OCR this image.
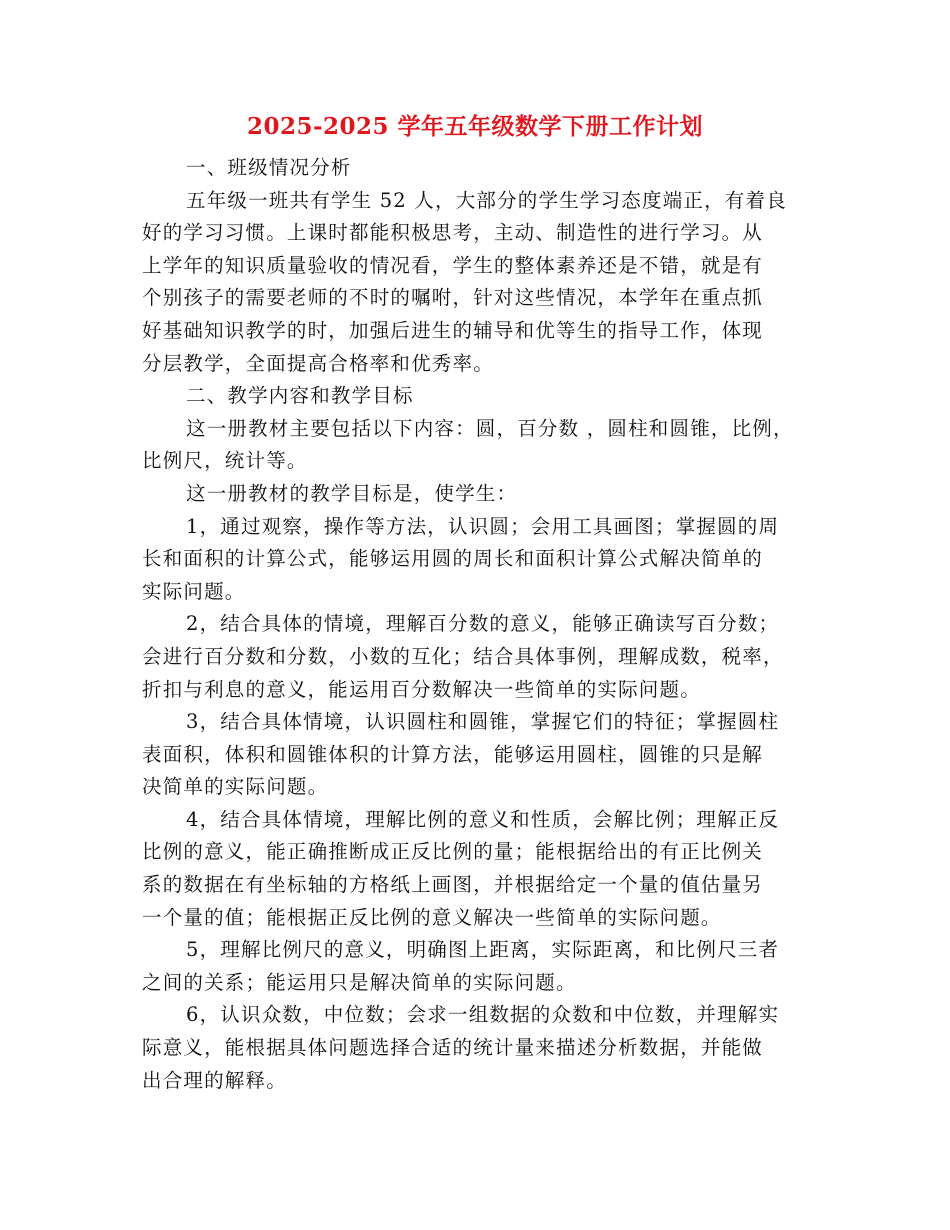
2025-2025 学年五年级数学下册工作计划

一、班级情况分析

五年级一班共有学生 52 人，大部分的学生学习态度端正，有着良

好的学习习惯。上课时都能积极思考，主动、制造性的进行学习。从

上学年的知识质量验收的情况看，学生的整体素养还是不错，就是有

个别孩子的需要老师的不时的嘱咐，针对这些情况，本学年在重点抓

好基础知识教学的时，加强后进生的辅导和优等生的指导工作，体现

分层教学，全面提高合格率和优秀率。

二、教学内容和教学目标

这一册教材主要包括以下内容：圆，百分数 ，圆柱和圆锥，比例，

比例尺，统计等。

这一册教材的教学目标是，使学生：

1，通过观察，操作等方法，认识圆；会用工具画图；掌握圆的周

长和面积的计算公式，能够运用圆的周长和面积计算公式解决简单的

实际问题。

2，结合具体的情境，理解百分数的意义，能够正确读写百分数；

会进行百分数和分数，小数的互化；结合具体事例，理解成数，税率，

折扣与利息的意义，能运用百分数解决一些简单的实际问题。

3，结合具体情境，认识圆柱和圆锥，掌握它们的特征；掌握圆柱

表面积，体积和圆锥体积的计算方法，能够运用圆柱，圆锥的只是解

决简单的实际问题。

4，结合具体情境，理解比例的意义和性质，会解比例；理解正反

比例的意义，能正确推断成正反比例的量；能根据给出的有正比例关

系的数据在有坐标轴的方格纸上画图，并根据给定一个量的值估量另

一个量的值；能根据正反比例的意义解决一些简单的实际问题。

5，理解比例尺的意义，明确图上距离，实际距离，和比例尺三者

之间的关系；能运用只是解决简单的实际问题。

6，认识众数，中位数；会求一组数据的众数和中位数，并理解实

际意义，能根据具体问题选择合适的统计量来描述分析数据，并能做

出合理的解释。
